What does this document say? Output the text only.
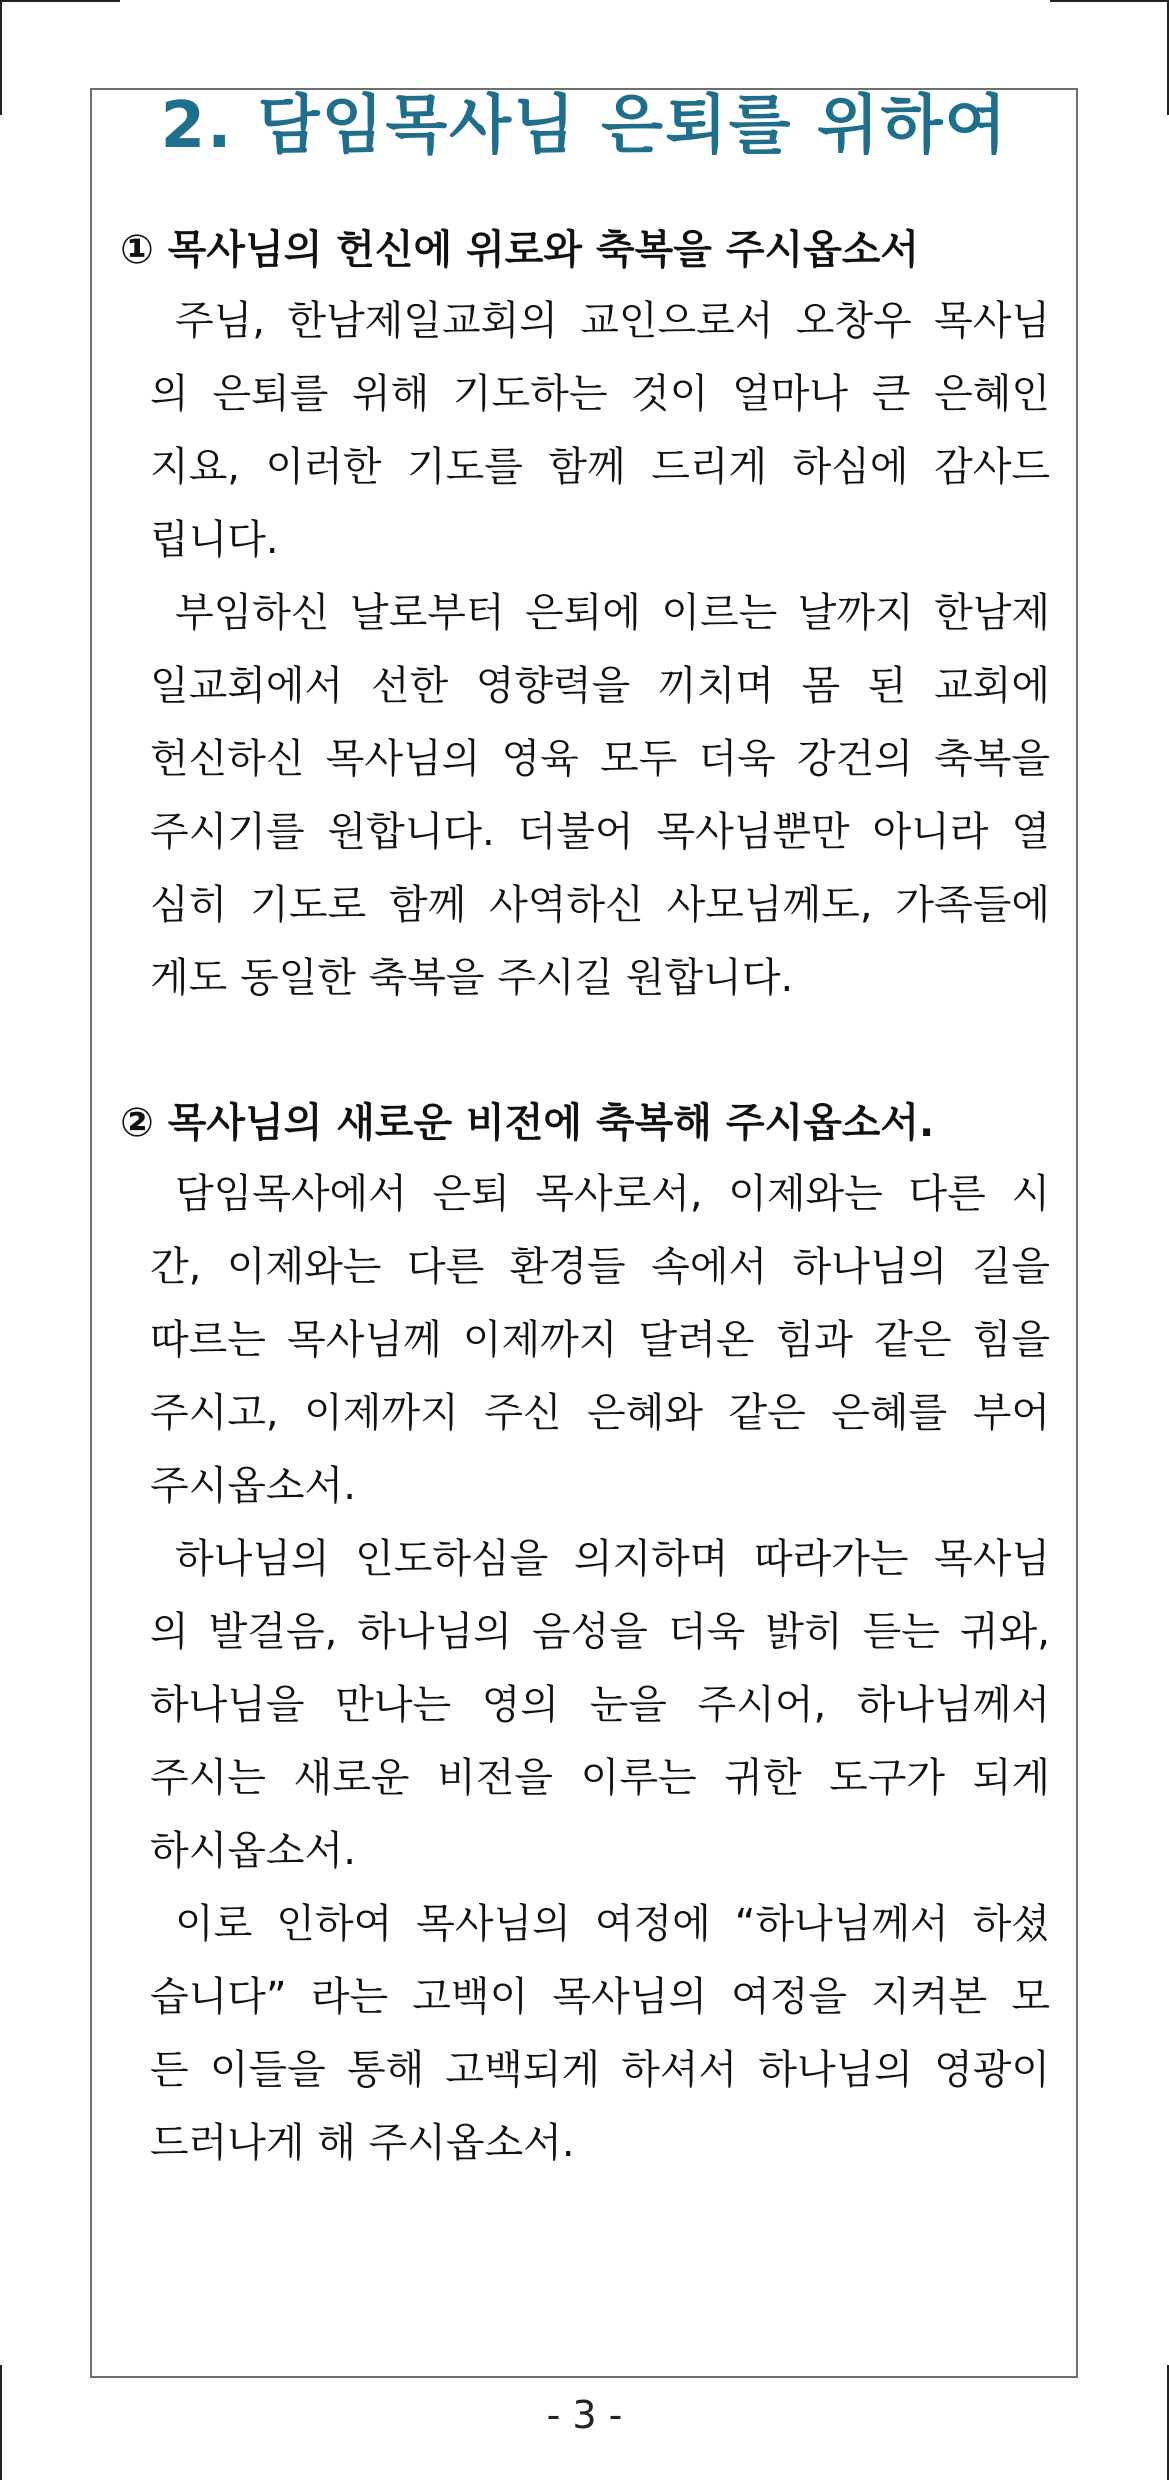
2. 담임목사님 은퇴를 위하여
① 목사님의 헌신에 위로와 축복을 주시옵소서
주님, 한남제일교회의 교인으로서 오창우 목사님
의 은퇴를 위해 기도하는 것이 얼마나 큰 은혜인
지요, 이러한 기도를 함께 드리게 하심에 감사드
립니다.
부임하신 날로부터 은퇴에 이르는 날까지 한남제
일교회에서 선한 영향력을 끼치며 몸 된 교회에
헌신하신 목사님의 영육 모두 더욱 강건의 축복을
주시기를 원합니다. 더불어 목사님뿐만 아니라 열
심히 기도로 함께 사역하신 사모님께도, 가족들에
게도 동일한 축복을 주시길 원합니다.
② 목사님의 새로운 비전에 축복해 주시옵소서.
담임목사에서 은퇴 목사로서, 이제와는 다른 시
간, 이제와는 다른 환경들 속에서 하나님의 길을
따르는 목사님께 이제까지 달려온 힘과 같은 힘을
주시고, 이제까지 주신 은혜와 같은 은혜를 부어
주시옵소서.
하나님의 인도하심을 의지하며 따라가는 목사님
의 발걸음, 하나님의 음성을 더욱 밝히 듣는 귀와,
하나님을 만나는 영의 눈을 주시어, 하나님께서
주시는 새로운 비전을 이루는 귀한 도구가 되게
하시옵소서.
이로 인하여 목사님의 여정에 “하나님께서 하셨
습니다” 라는 고백이 목사님의 여정을 지켜본 모
든 이들을 통해 고백되게 하셔서 하나님의 영광이
드러나게 해 주시옵소서.
- 3 -
